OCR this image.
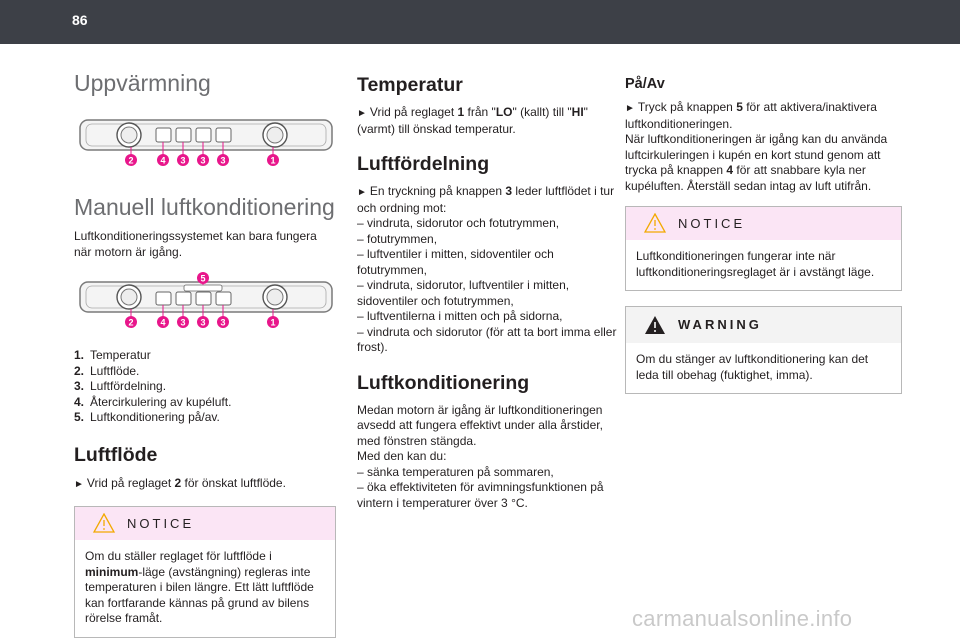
86
Uppvärmning
2	4 3 3 3	1
Manuell luftkonditionering

Luftkonditioneringssystemet kan bara fungera när motorn är igång.

5
2	4 3 3 3	1
1. Temperatur
2. Luftflöde.
3. Luftfördelning.
4. Återcirkulering av kupéluft.
5. Luftkonditionering på/av.
Luftflöde

► Vrid på reglaget 2 för önskat luftflöde.

NOTICE

Om du ställer reglaget för luftflöde i minimum-läge (avstängning) regleras inte temperaturen i bilen längre. Ett lätt luftflöde kan fortfarande kännas på grund av bilens rörelse framåt.

Temperatur

► Vrid på reglaget 1 från "LO" (kallt) till "HI" (varmt) till önskad temperatur.

Luftfördelning

► En tryckning på knappen 3 leder luftflödet i tur och ordning mot:

– vindruta, sidorutor och fotutrymmen,
– fotutrymmen,
– luftventiler i mitten, sidoventiler och fotutrymmen,
– vindruta, sidorutor, luftventiler i mitten, sidoventiler och fotutrymmen,
– luftventilerna i mitten och på sidorna,
– vindruta och sidorutor (för att ta bort imma eller frost).
Luftkonditionering

Medan motorn är igång är luftkonditioneringen avsedd att fungera effektivt under alla årstider, med fönstren stängda.

Med den kan du:

– sänka temperaturen på sommaren,
– öka effektiviteten för avimningsfunktionen på vintern i temperaturer över 3 °C.
På/Av

► Tryck på knappen 5 för att aktivera/inaktivera luftkonditioneringen.

När luftkonditioneringen är igång kan du använda luftcirkuleringen i kupén en kort stund genom att trycka på knappen 4 för att snabbare kyla ner kupéluften. Återställ sedan intag av luft utifrån.

NOTICE

Luftkonditioneringen fungerar inte när luftkonditioneringsreglaget är i avstängt läge.

WARNING

Om du stänger av luftkonditionering kan det leda till obehag (fuktighet, imma).

carmanualsonline.info
